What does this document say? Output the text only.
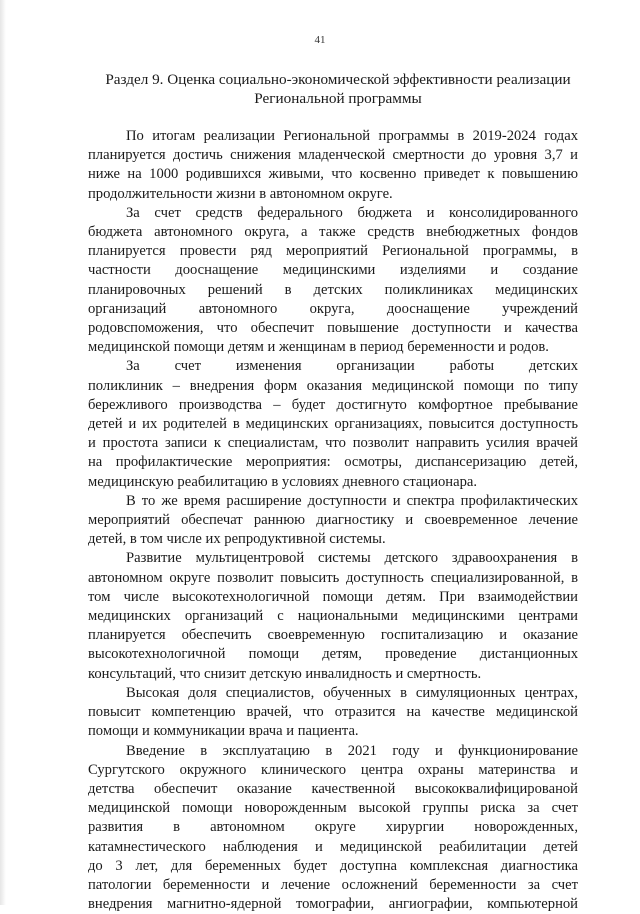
41
Раздел 9. Оценка социально-экономической эффективности реализации
Региональной программы

По итогам реализации Региональной программы в 2019-2024 годах
планируется достичь снижения младенческой смертности до уровня 3,7 и
ниже на 1000 родившихся живыми, что косвенно приведет к повышению
продолжительности жизни в автономном округе.

За счет средств федерального бюджета и консолидированного
бюджета автономного округа, а также средств внебюджетных фондов
планируется провести ряд мероприятий Региональной программы, в
частности дооснащение медицинскими изделиями и создание
планировочных решений в детских поликлиниках медицинских
организаций автономного округа, дооснащение учреждений
родовспоможения, что обеспечит повышение доступности и качества
медицинской помощи детям и женщинам в период беременности и родов.

За счет изменения организации работы детских
поликлиник – внедрения форм оказания медицинской помощи по типу
бережливого производства – будет достигнуто комфортное пребывание
детей и их родителей в медицинских организациях, повысится доступность
и простота записи к специалистам, что позволит направить усилия врачей
на профилактические мероприятия: осмотры, диспансеризацию детей,
медицинскую реабилитацию в условиях дневного стационара.

В то же время расширение доступности и спектра профилактических
мероприятий обеспечат раннюю диагностику и своевременное лечение
детей, в том числе их репродуктивной системы.

Развитие мультицентровой системы детского здравоохранения в
автономном округе позволит повысить доступность специализированной, в
том числе высокотехнологичной помощи детям. При взаимодействии
медицинских организаций с национальными медицинскими центрами
планируется обеспечить своевременную госпитализацию и оказание
высокотехнологичной помощи детям, проведение дистанционных
консультаций, что снизит детскую инвалидность и смертность.

Высокая доля специалистов, обученных в симуляционных центрах,
повысит компетенцию врачей, что отразится на качестве медицинской
помощи и коммуникации врача и пациента.

Введение в эксплуатацию в 2021 году и функционирование
Сургутского окружного клинического центра охраны материнства и
детства обеспечит оказание качественной высококвалифицированой
медицинской помощи новорожденным высокой группы риска за счет
развития в автономном округе хирургии новорожденных,
катамнестического наблюдения и медицинской реабилитации детей
до 3 лет, для беременных будет доступна комплексная диагностика
патологии беременности и лечение осложнений беременности за счет
внедрения магнитно-ядерной томографии, ангиографии, компьютерной
